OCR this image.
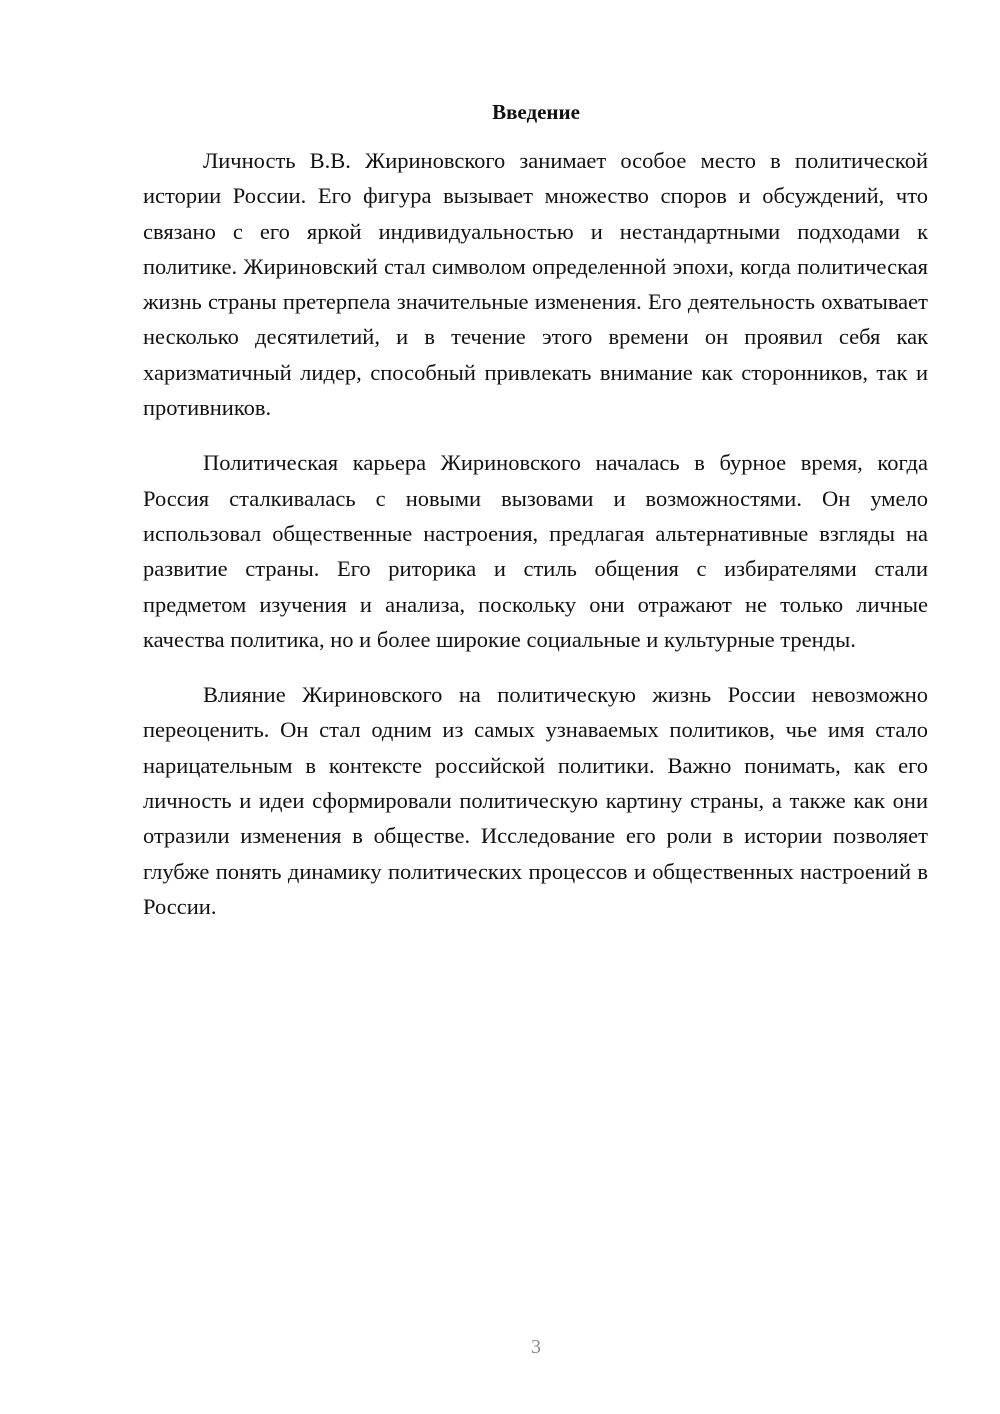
Введение

Личность В.В. Жириновского занимает особое место в политической истории России. Его фигура вызывает множество споров и обсуждений, что связано с его яркой индивидуальностью и нестандартными подходами к политике. Жириновский стал символом определенной эпохи, когда политическая жизнь страны претерпела значительные изменения. Его деятельность охватывает несколько десятилетий, и в течение этого времени он проявил себя как харизматичный лидер, способный привлекать внимание как сторонников, так и противников.

Политическая карьера Жириновского началась в бурное время, когда Россия сталкивалась с новыми вызовами и возможностями. Он умело использовал общественные настроения, предлагая альтернативные взгляды на развитие страны. Его риторика и стиль общения с избирателями стали предметом изучения и анализа, поскольку они отражают не только личные качества политика, но и более широкие социальные и культурные тренды.

Влияние Жириновского на политическую жизнь России невозможно переоценить. Он стал одним из самых узнаваемых политиков, чье имя стало нарицательным в контексте российской политики. Важно понимать, как его личность и идеи сформировали политическую картину страны, а также как они отразили изменения в обществе. Исследование его роли в истории позволяет глубже понять динамику политических процессов и общественных настроений в России.

3
